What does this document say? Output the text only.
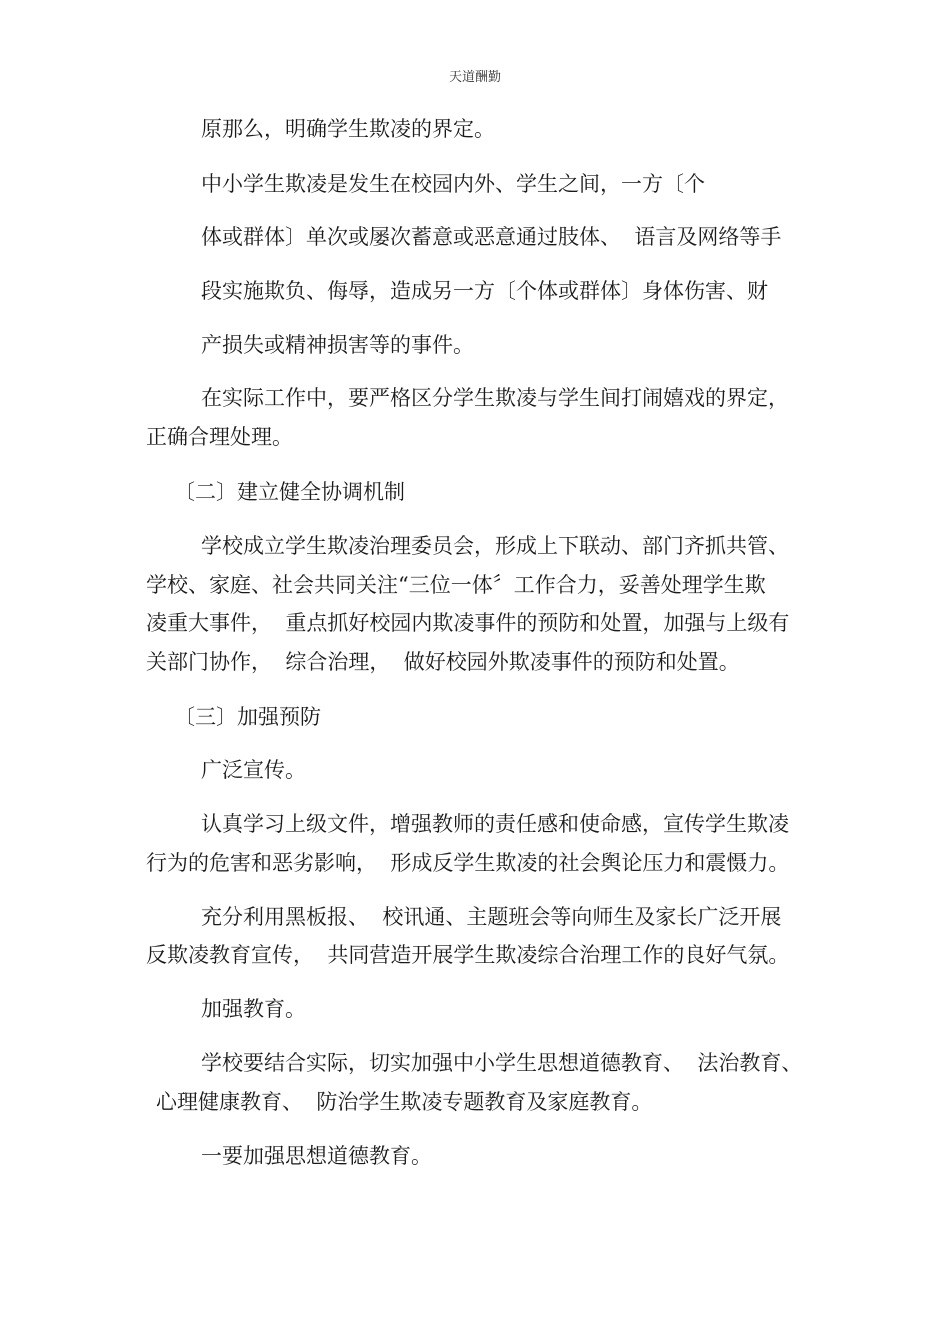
天道酬勤

原那么，明确学生欺凌的界定。

中小学生欺凌是发生在校园内外、学生之间，一方〔个

体或群体〕单次或屡次蓄意或恶意通过肢体、  语言及网络等手

段实施欺负、侮辱，造成另一方〔个体或群体〕身体伤害、财

产损失或精神损害等的事件。

在实际工作中，要严格区分学生欺凌与学生间打闹嬉戏的界定，

正确合理处理。

〔二〕建立健全协调机制

学校成立学生欺凌治理委员会，形成上下联动、部门齐抓共管、

学校、家庭、社会共同关注“三位一体〞工作合力，妥善处理学生欺

凌重大事件，  重点抓好校园内欺凌事件的预防和处置，加强与上级有

关部门协作，  综合治理，  做好校园外欺凌事件的预防和处置。

〔三〕加强预防

广泛宣传。

认真学习上级文件，增强教师的责任感和使命感，宣传学生欺凌

行为的危害和恶劣影响，  形成反学生欺凌的社会舆论压力和震慑力。

充分利用黑板报、  校讯通、主题班会等向师生及家长广泛开展

反欺凌教育宣传，  共同营造开展学生欺凌综合治理工作的良好气氛。

加强教育。

学校要结合实际，切实加强中小学生思想道德教育、  法治教育、

心理健康教育、  防治学生欺凌专题教育及家庭教育。

一要加强思想道德教育。
